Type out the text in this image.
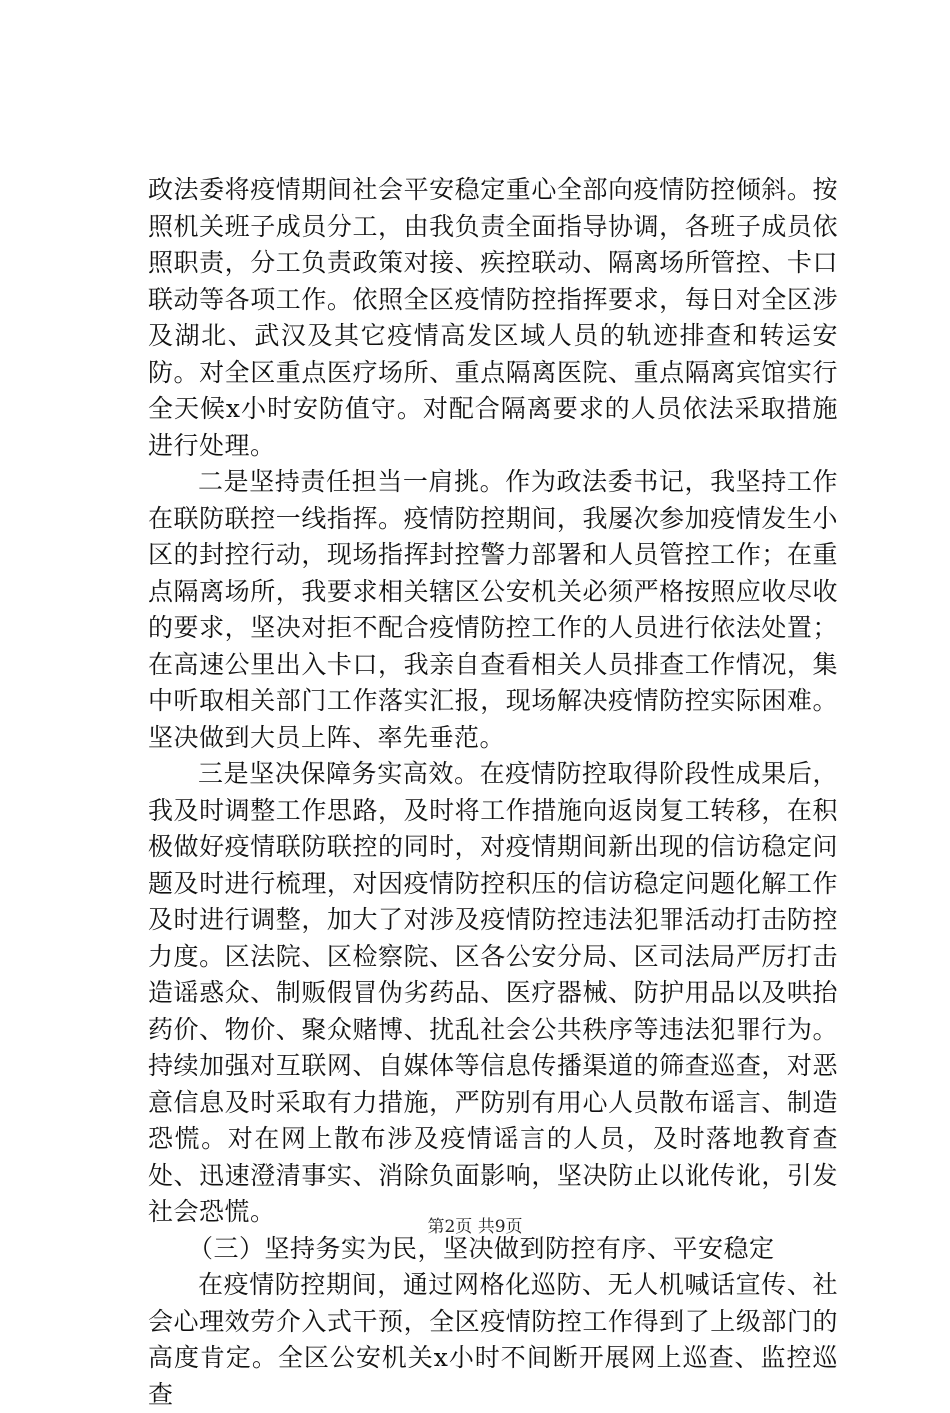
政法委将疫情期间社会平安稳定重心全部向疫情防控倾斜。按照机关班子成员分工，由我负责全面指导协调，各班子成员依照职责，分工负责政策对接、疾控联动、隔离场所管控、卡口联动等各项工作。依照全区疫情防控指挥要求，每日对全区涉及湖北、武汉及其它疫情高发区域人员的轨迹排查和转运安防。对全区重点医疗场所、重点隔离医院、重点隔离宾馆实行全天候x小时安防值守。对配合隔离要求的人员依法采取措施进行处理。

二是坚持责任担当一肩挑。作为政法委书记，我坚持工作在联防联控一线指挥。疫情防控期间，我屡次参加疫情发生小区的封控行动，现场指挥封控警力部署和人员管控工作；在重点隔离场所，我要求相关辖区公安机关必须严格按照应收尽收的要求，坚决对拒不配合疫情防控工作的人员进行依法处置；在高速公里出入卡口，我亲自查看相关人员排查工作情况，集中听取相关部门工作落实汇报，现场解决疫情防控实际困难。坚决做到大员上阵、率先垂范。

三是坚决保障务实高效。在疫情防控取得阶段性成果后，我及时调整工作思路，及时将工作措施向返岗复工转移，在积极做好疫情联防联控的同时，对疫情期间新出现的信访稳定问题及时进行梳理，对因疫情防控积压的信访稳定问题化解工作及时进行调整，加大了对涉及疫情防控违法犯罪活动打击防控力度。区法院、区检察院、区各公安分局、区司法局严厉打击造谣惑众、制贩假冒伪劣药品、医疗器械、防护用品以及哄抬药价、物价、聚众赌博、扰乱社会公共秩序等违法犯罪行为。持续加强对互联网、自媒体等信息传播渠道的筛查巡查，对恶意信息及时采取有力措施，严防别有用心人员散布谣言、制造恐慌。对在网上散布涉及疫情谣言的人员，及时落地教育查处、迅速澄清事实、消除负面影响，坚决防止以讹传讹，引发社会恐慌。

（三）坚持务实为民，坚决做到防控有序、平安稳定

在疫情防控期间，通过网格化巡防、无人机喊话宣传、社会心理效劳介入式干预，全区疫情防控工作得到了上级部门的高度肯定。全区公安机关x小时不间断开展网上巡查、监控巡查

第2页 共9页
